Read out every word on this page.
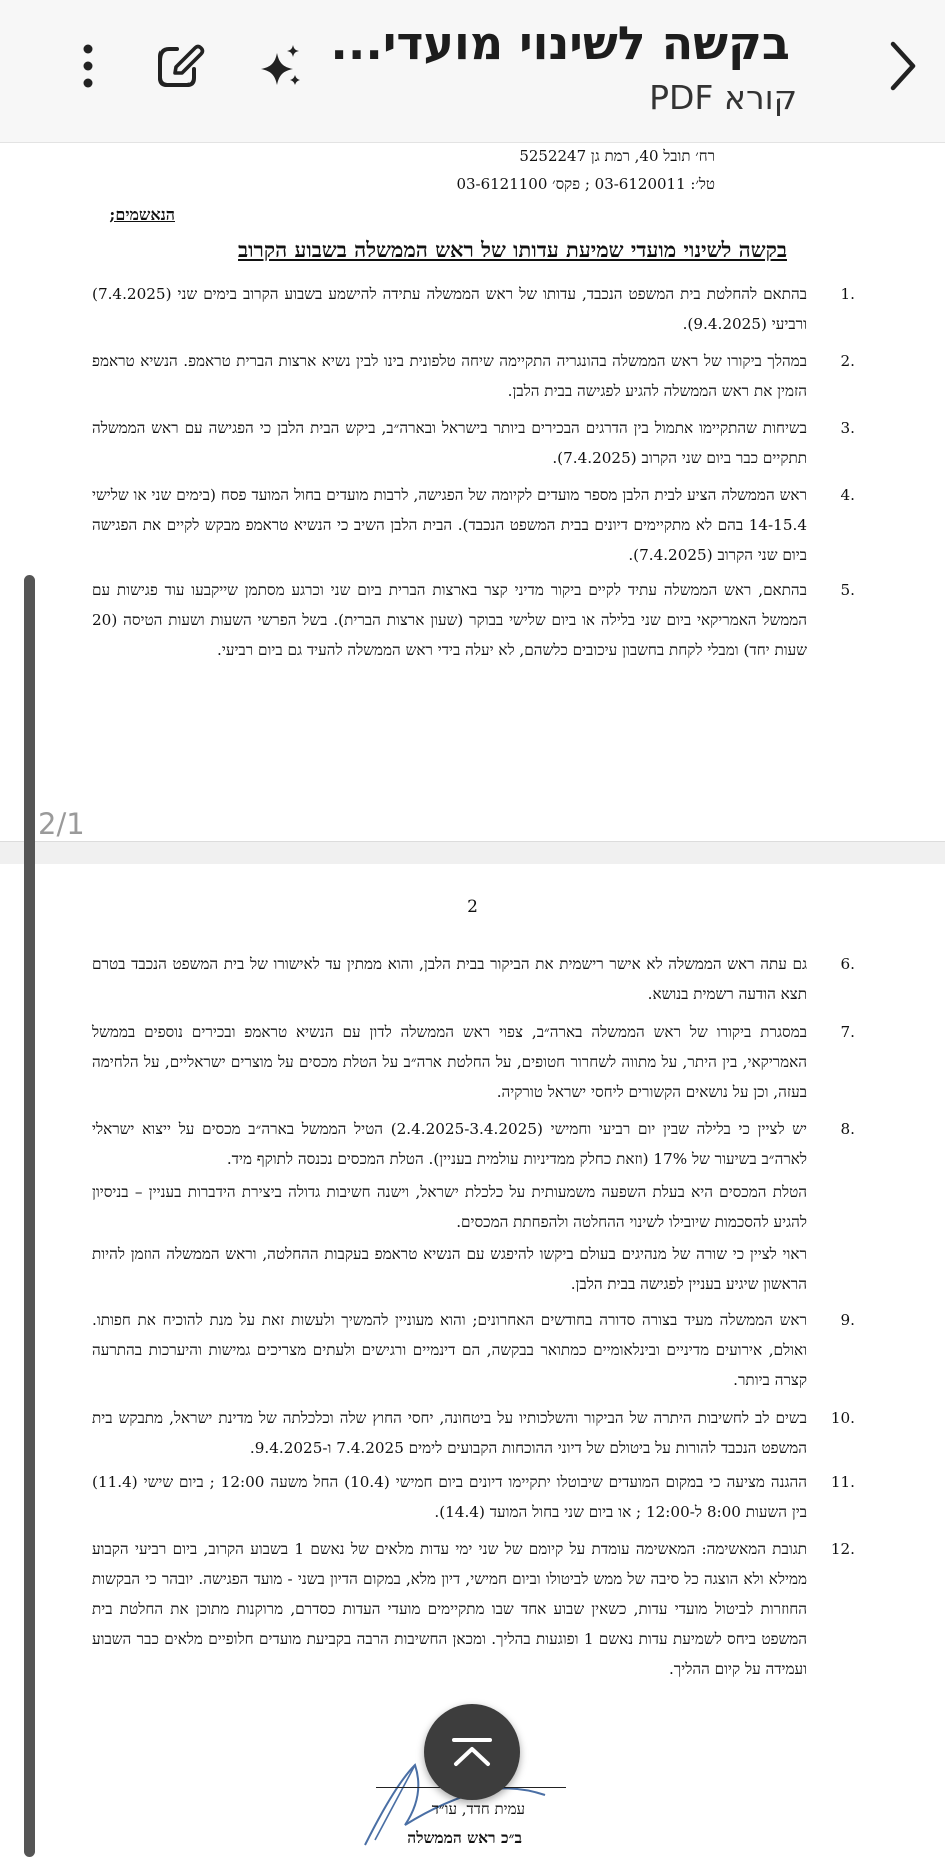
בקשה לשינוי מועדי...
קורא PDF
רח׳ תובל 40, רמת גן 5252247
טל׳: 03-6120011 ; פקס׳ 03-6121100
הנאשמים;
בקשה לשינוי מועדי שמיעת עדותו של ראש הממשלה בשבוע הקרוב
.1
בהתאם להחלטת בית המשפט הנכבד, עדותו של ראש הממשלה עתידה להישמע בשבוע הקרוב בימים שני (7.4.2025) ורביעי (9.4.2025).
.2
במהלך ביקורו של ראש הממשלה בהונגריה התקיימה שיחה טלפונית בינו לבין נשיא ארצות הברית טראמפ. הנשיא טראמפ הזמין את ראש הממשלה להגיע לפגישה בבית הלבן.
.3
בשיחות שהתקיימו אתמול בין הדרגים הבכירים ביותר בישראל ובארה״ב, ביקש הבית הלבן כי הפגישה עם ראש הממשלה תתקיים כבר ביום שני הקרוב (7.4.2025).
.4
ראש הממשלה הציע לבית הלבן מספר מועדים לקיומה של הפגישה, לרבות מועדים בחול המועד פסח (בימים שני או שלישי 14-15.4 בהם לא מתקיימים דיונים בבית המשפט הנכבד). הבית הלבן השיב כי הנשיא טראמפ מבקש לקיים את הפגישה ביום שני הקרוב (7.4.2025).
.5
בהתאם, ראש הממשלה עתיד לקיים ביקור מדיני קצר בארצות הברית ביום שני וכרגע מסתמן שייקבעו עוד פגישות עם הממשל האמריקאי ביום שני בלילה או ביום שלישי בבוקר (שעון ארצות הברית). בשל הפרשי השעות ושעות הטיסה (20 שעות יחד) ומבלי לקחת בחשבון עיכובים כלשהם, לא יעלה בידי ראש הממשלה להעיד גם ביום רביעי.
2
.6
גם עתה ראש הממשלה לא אישר רישמית את הביקור בבית הלבן, והוא ממתין עד לאישורו של בית המשפט הנכבד בטרם תצא הודעה רשמית בנושא.
.7
במסגרת ביקורו של ראש הממשלה בארה״ב, צפוי ראש הממשלה לדון עם הנשיא טראמפ ובכירים נוספים בממשל האמריקאי, בין היתר, על מתווה לשחרור חטופים, על החלטת ארה״ב על הטלת מכסים על מוצרים ישראליים, על הלחימה בעזה, וכן על נושאים הקשורים ליחסי ישראל טורקיה.
.8
יש לציין כי בלילה שבין יום רביעי וחמישי (2.4.2025-3.4.2025) הטיל הממשל בארה״ב מכסים על ייצוא ישראלי לארה״ב בשיעור של 17% (וזאת כחלק ממדיניות עולמית בעניין). הטלת המכסים נכנסה לתוקף מיד.
הטלת המכסים היא בעלת השפעה משמעותית על כלכלת ישראל, וישנה חשיבות גדולה ביצירת הידברות בעניין – בניסיון להגיע להסכמות שיובילו לשינוי ההחלטה ולהפחתת המכסים.
ראוי לציין כי שורה של מנהיגים בעולם ביקשו להיפגש עם הנשיא טראמפ בעקבות ההחלטה, וראש הממשלה הוזמן להיות הראשון שיגיע בעניין לפגישה בבית הלבן.
.9
ראש הממשלה מעיד בצורה סדורה בחודשים האחרונים; והוא מעוניין להמשיך ולעשות זאת על מנת להוכיח את חפותו. ואולם, אירועים מדיניים ובינלאומיים כמתואר בבקשה, הם דינמיים ורגישים ולעתים מצריכים גמישות והיערכות בהתרעה קצרה ביותר.
.10
בשים לב לחשיבות היתרה של הביקור והשלכותיו על ביטחונה, יחסי החוץ שלה וכלכלתה של מדינת ישראל, מתבקש בית המשפט הנכבד להורות על ביטולם של דיוני ההוכחות הקבועים לימים 7.4.2025 ו-9.4.2025.
.11
ההגנה מציעה כי במקום המועדים שיבוטלו יתקיימו דיונים ביום חמישי (10.4) החל משעה 12:00 ; ביום שישי (11.4) בין השעות 8:00 ל-12:00 ; או ביום שני בחול המועד (14.4).
.12
תגובת המאשימה: המאשימה עומדת על קיומם של שני ימי עדות מלאים של נאשם 1 בשבוע הקרוב, ביום רביעי הקבוע ממילא ולא הוצגה כל סיבה של ממש לביטולו וביום חמישי, דיון מלא, במקום הדיון בשני - מועד הפגישה. יובהר כי הבקשות החוזרות לביטול מועדי עדות, כשאין שבוע אחד שבו מתקיימים מועדי העדות כסדרם, מרוקנות מתוכן את החלטת בית המשפט ביחס לשמיעת עדות נאשם 1 ופוגעות בהליך. ומכאן החשיבות הרבה בקביעת מועדים חלופיים מלאים כבר השבוע ועמידה על קיום ההליך.
עמית חדד, עו״ד
ב״כ ראש הממשלה
2/1
